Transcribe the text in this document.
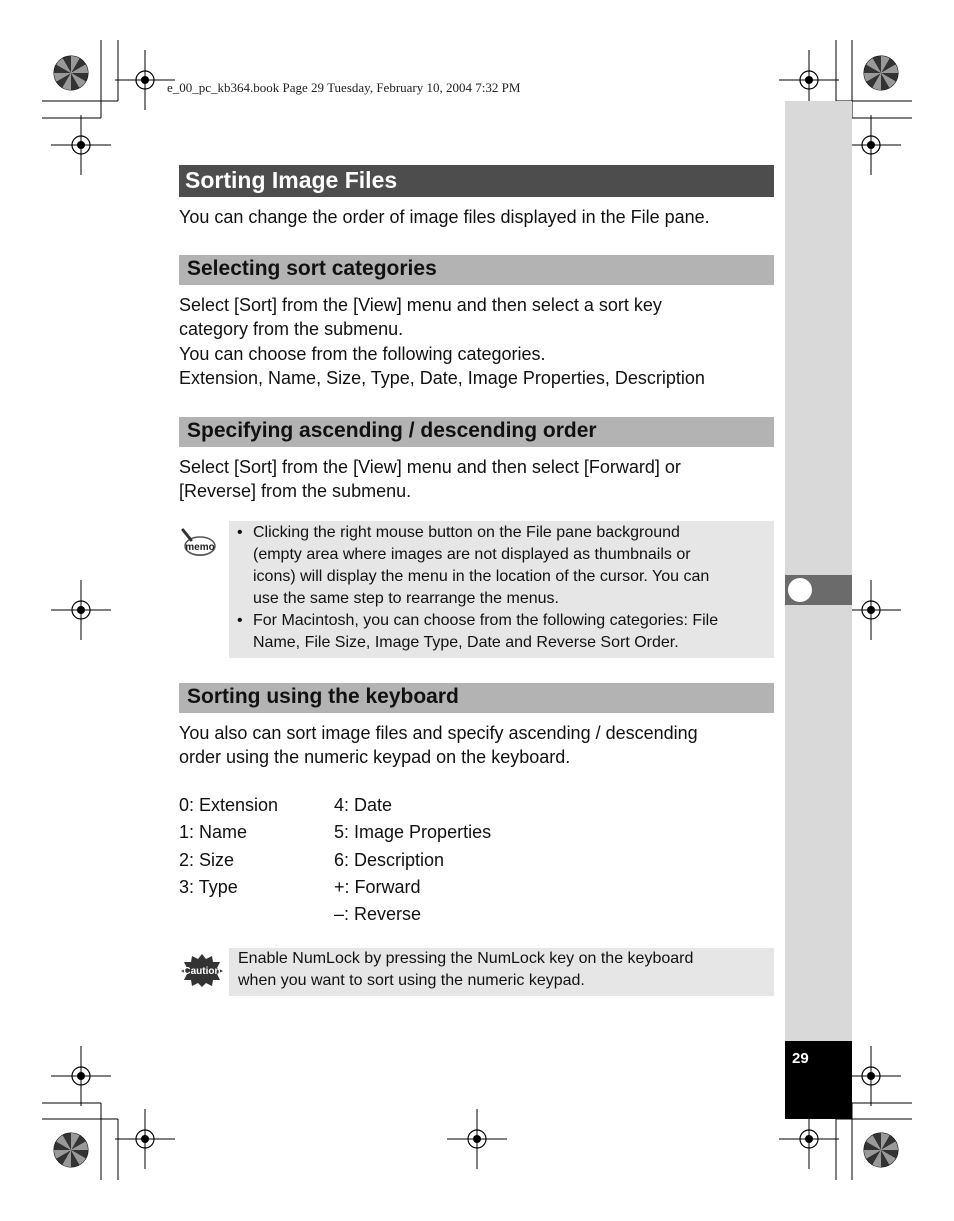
e_00_pc_kb364.book Page 29 Tuesday, February 10, 2004 7:32 PM
29
Sorting Image Files
You can change the order of image files displayed in the File pane.
Selecting sort categories
Select [Sort] from the [View] menu and then select a sort key
category from the submenu.
You can choose from the following categories.
Extension, Name, Size, Type, Date, Image Properties, Description
Specifying ascending / descending order
Select [Sort] from the [View] menu and then select [Forward] or
[Reverse] from the submenu.
memo
• Clicking the right mouse button on the File pane background
(empty area where images are not displayed as thumbnails or
icons) will display the menu in the location of the cursor. You can
use the same step to rearrange the menus.
• For Macintosh, you can choose from the following categories: File
Name, File Size, Image Type, Date and Reverse Sort Order.
Sorting using the keyboard
You also can sort image files and specify ascending / descending
order using the numeric keypad on the keyboard.
0: Extension
1: Name
2: Size
3: Type
4: Date
5: Image Properties
6: Description
+: Forward
–: Reverse
Caution
Enable NumLock by pressing the NumLock key on the keyboard
when you want to sort using the numeric keypad.
